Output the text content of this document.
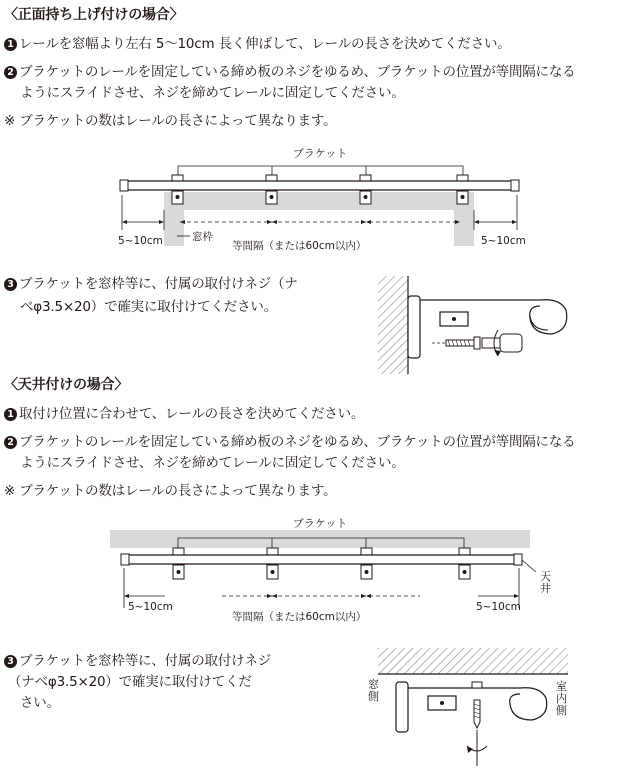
〈正面持ち上げ付けの場合〉
1 レールを窓幅より左右 5～10cm 長く伸ばして、レールの長さを決めてください。
2 ブラケットのレールを固定している締め板のネジをゆるめ、ブラケットの位置が等間隔になる
ようにスライドさせ、ネジを締めてレールに固定してください。
※ ブラケットの数はレールの長さによって異なります。
ブラケット
5~10cm	窓枠
等間隔（または60cm以内）	5~10cm
3 ブラケットを窓枠等に、付属の取付けネジ（ナ
べφ3.5×20）で確実に取付けてください。
〈天井付けの場合〉
1 取付け位置に合わせて、レールの長さを決めてください。
2 ブラケットのレールを固定している締め板のネジをゆるめ、ブラケットの位置が等間隔になる
ようにスライドさせ、ネジを締めてレールに固定してください。
※ ブラケットの数はレールの長さによって異なります。
ブラケット
天井
5~10cm
等間隔（または60cm以内）
5~10cm
3 ブラケットを窓枠等に、付属の取付けネジ
（ナべφ3.5×20）で確実に取付けてくだ
さい。
窓側
室内側
